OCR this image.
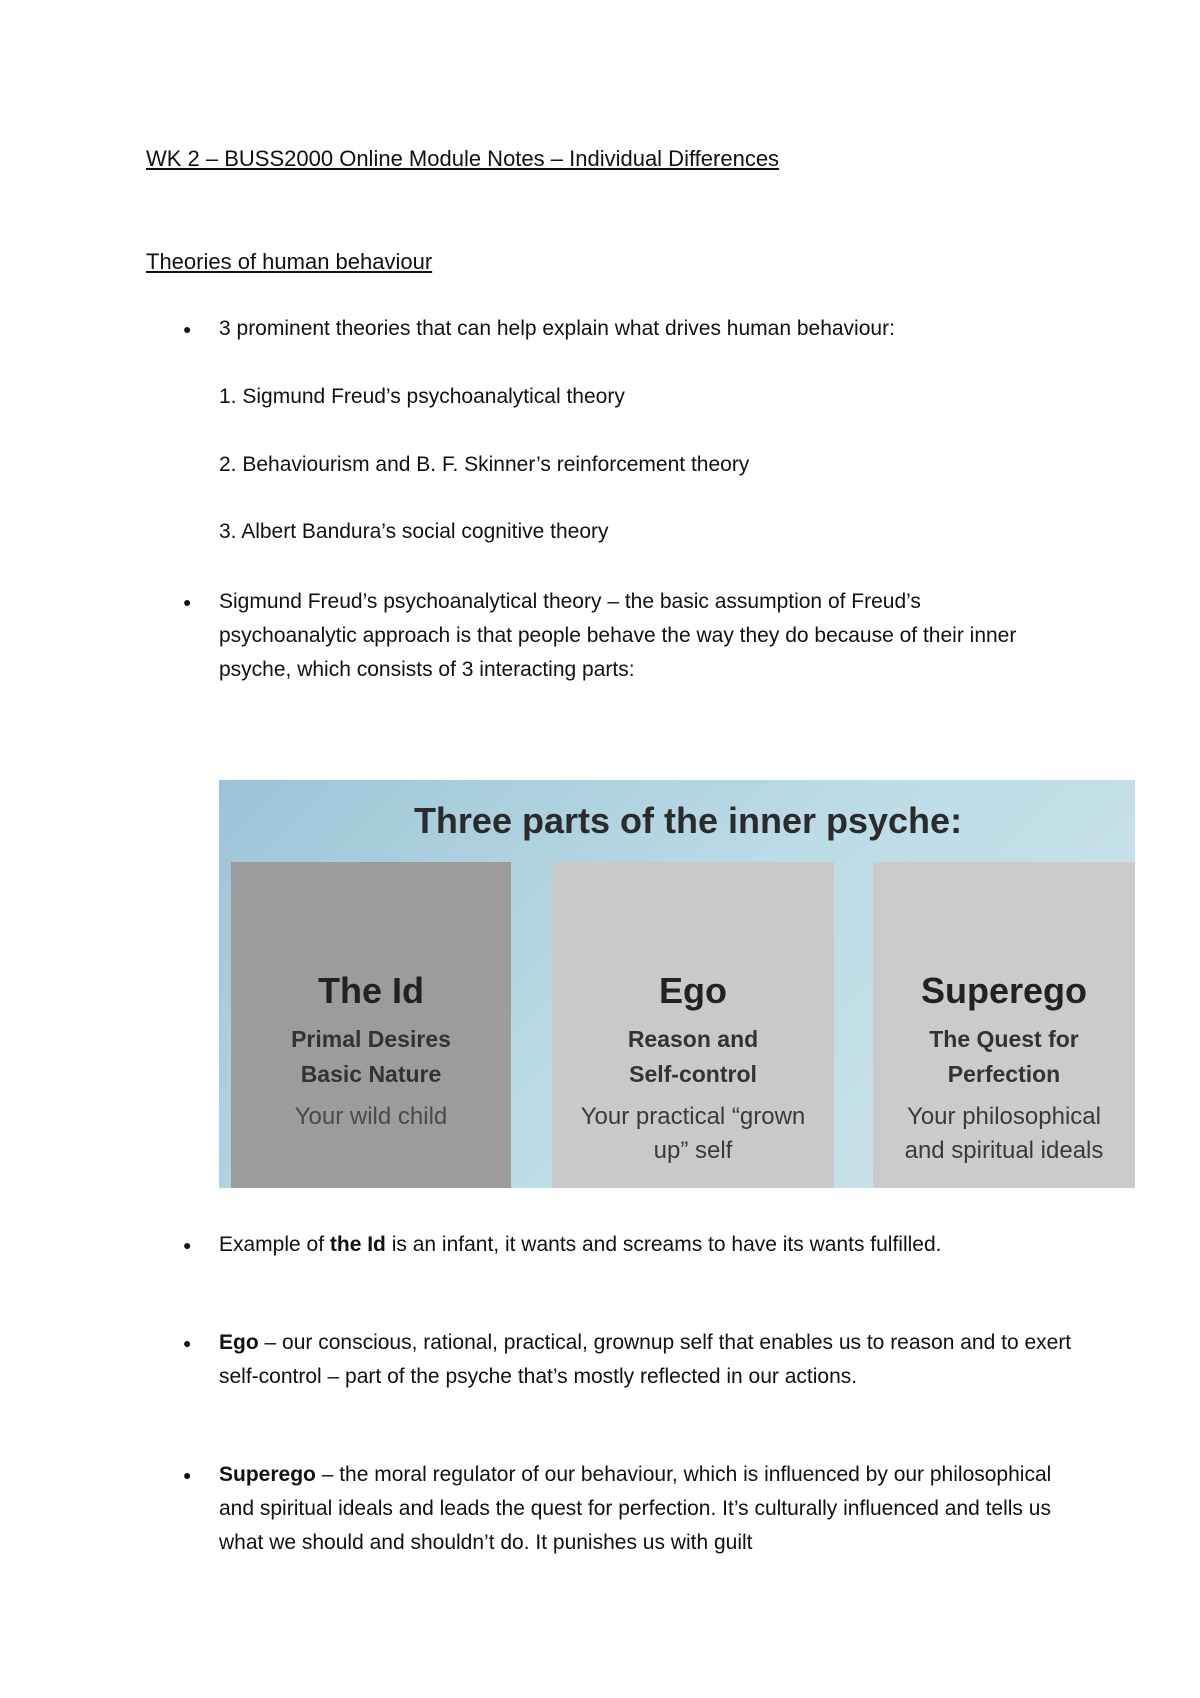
WK 2 – BUSS2000 Online Module Notes – Individual Differences
Theories of human behaviour
● 3 prominent theories that can help explain what drives human behaviour:
1. Sigmund Freud’s psychoanalytical theory
2. Behaviourism and B. F. Skinner’s reinforcement theory
3. Albert Bandura’s social cognitive theory
● Sigmund Freud’s psychoanalytical theory – the basic assumption of Freud’s psychoanalytic approach is that people behave the way they do because of their inner psyche, which consists of 3 interacting parts:
Three parts of the inner psyche:
The Id
Primal Desires
Basic Nature
Your wild child
Ego
Reason and
Self-control
Your practical “grown
up” self
Superego
The Quest for
Perfection
Your philosophical
and spiritual ideals
● Example of the Id is an infant, it wants and screams to have its wants fulfilled.
● Ego – our conscious, rational, practical, grownup self that enables us to reason and to exert self-control – part of the psyche that’s mostly reflected in our actions.
● Superego – the moral regulator of our behaviour, which is influenced by our philosophical and spiritual ideals and leads the quest for perfection. It’s culturally influenced and tells us what we should and shouldn’t do. It punishes us with guilt
